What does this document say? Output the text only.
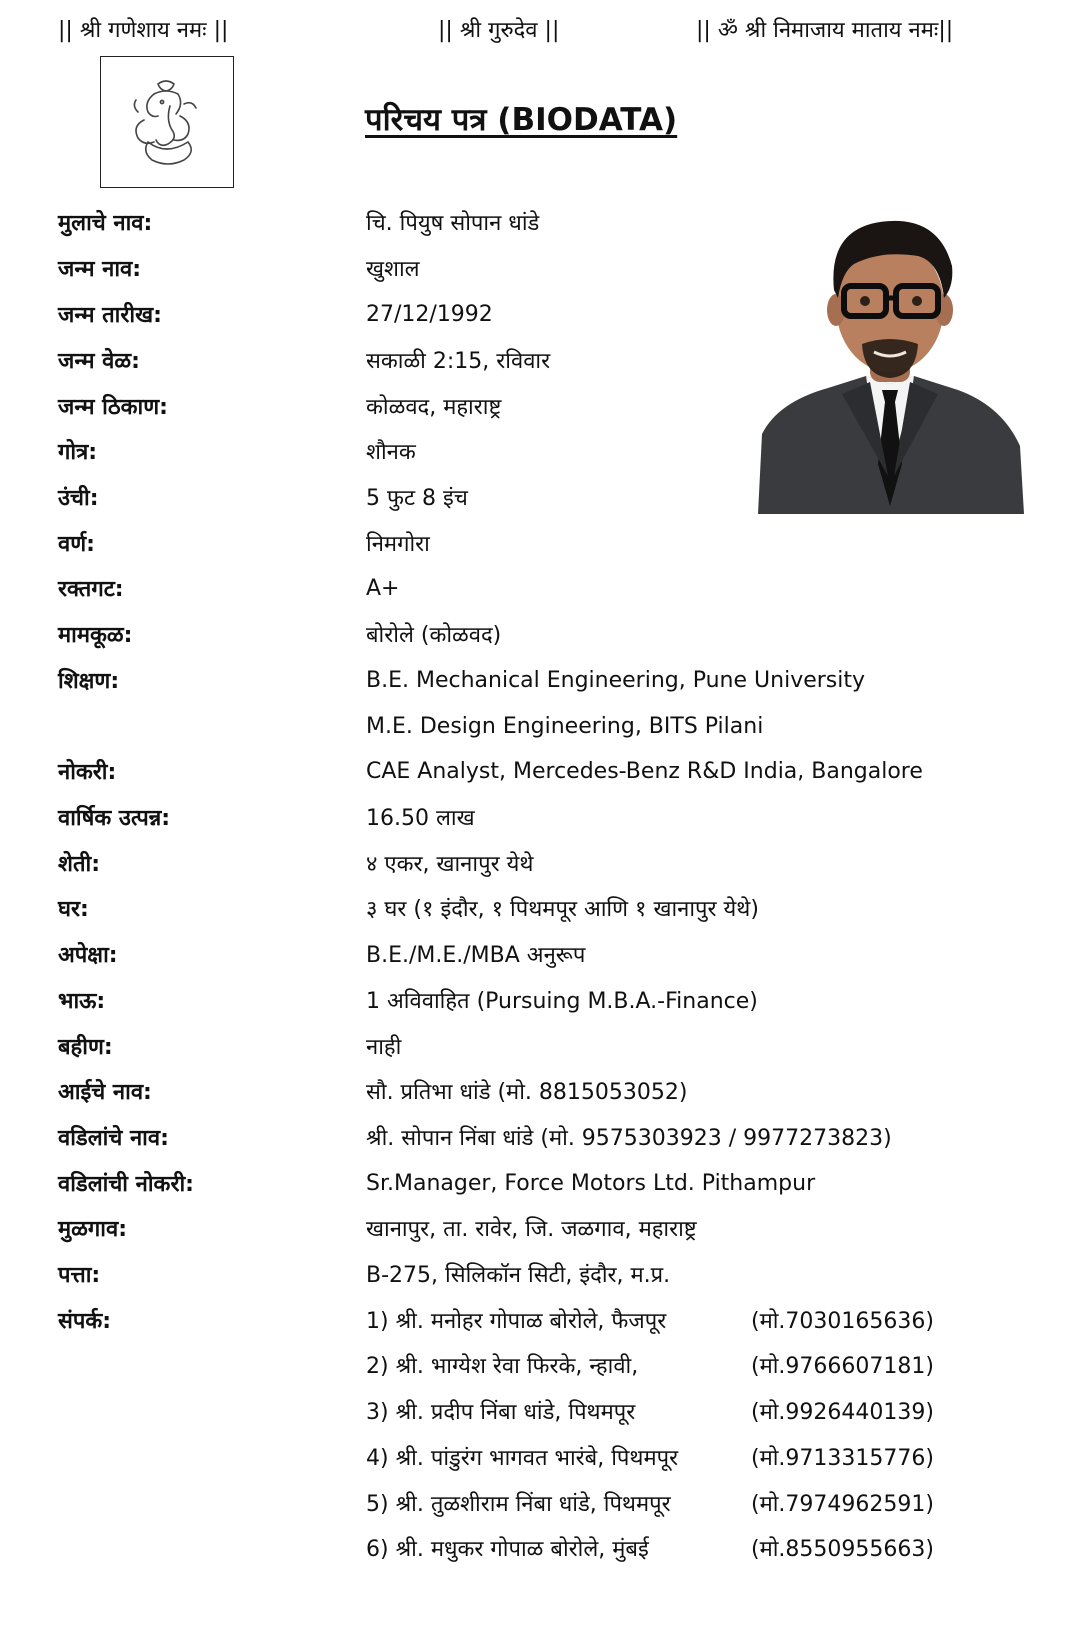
|| श्री गणेशाय नमः ||	|| श्री गुरुदेव ||	|| ॐ श्री निमाजाय माताय नमः||
परिचय पत्र (BIODATA)
मुलाचे नाव:	चि. पियुष सोपान धांडे
जन्म नाव:	खुशाल
जन्म तारीख:	27/12/1992
जन्म वेळ:	सकाळी 2:15, रविवार
जन्म ठिकाण:	कोळवद, महाराष्ट्र
गोत्र:	शौनक
उंची:	5 फुट 8 इंच
वर्ण:	निमगोरा
रक्तगट:	A+
मामकूळ:	बोरोले (कोळवद)
शिक्षण:	B.E. Mechanical Engineering, Pune University
M.E. Design Engineering, BITS Pilani
नोकरी:	CAE Analyst, Mercedes-Benz R&D India, Bangalore
वार्षिक उत्पन्न:	16.50 लाख
शेती:	४ एकर, खानापुर येथे
घर:	३ घर (१ इंदौर, १ पिथमपूर आणि १ खानापुर येथे)
अपेक्षा:	B.E./M.E./MBA अनुरूप
भाऊ:	1 अविवाहित (Pursuing M.B.A.-Finance)
बहीण:	नाही
आईचे नाव:	सौ. प्रतिभा धांडे (मो. 8815053052)
वडिलांचे नाव:	श्री. सोपान निंबा धांडे (मो. 9575303923 / 9977273823)
वडिलांची नोकरी:	Sr.Manager, Force Motors Ltd. Pithampur
मुळगाव:	खानापुर, ता. रावेर, जि. जळगाव, महाराष्ट्र
पत्ता:	B-275, सिलिकॉन सिटी, इंदौर, म.प्र.
संपर्क:	1) श्री. मनोहर गोपाळ बोरोले, फैजपूर	(मो.7030165636)
2) श्री. भाग्येश रेवा फिरके, न्हावी,	(मो.9766607181)
3) श्री. प्रदीप निंबा धांडे, पिथमपूर	(मो.9926440139)
4) श्री. पांडुरंग भागवत भारंबे, पिथमपूर	(मो.9713315776)
5) श्री. तुळशीराम निंबा धांडे, पिथमपूर	(मो.7974962591)
6) श्री. मधुकर गोपाळ बोरोले, मुंबई	(मो.8550955663)
